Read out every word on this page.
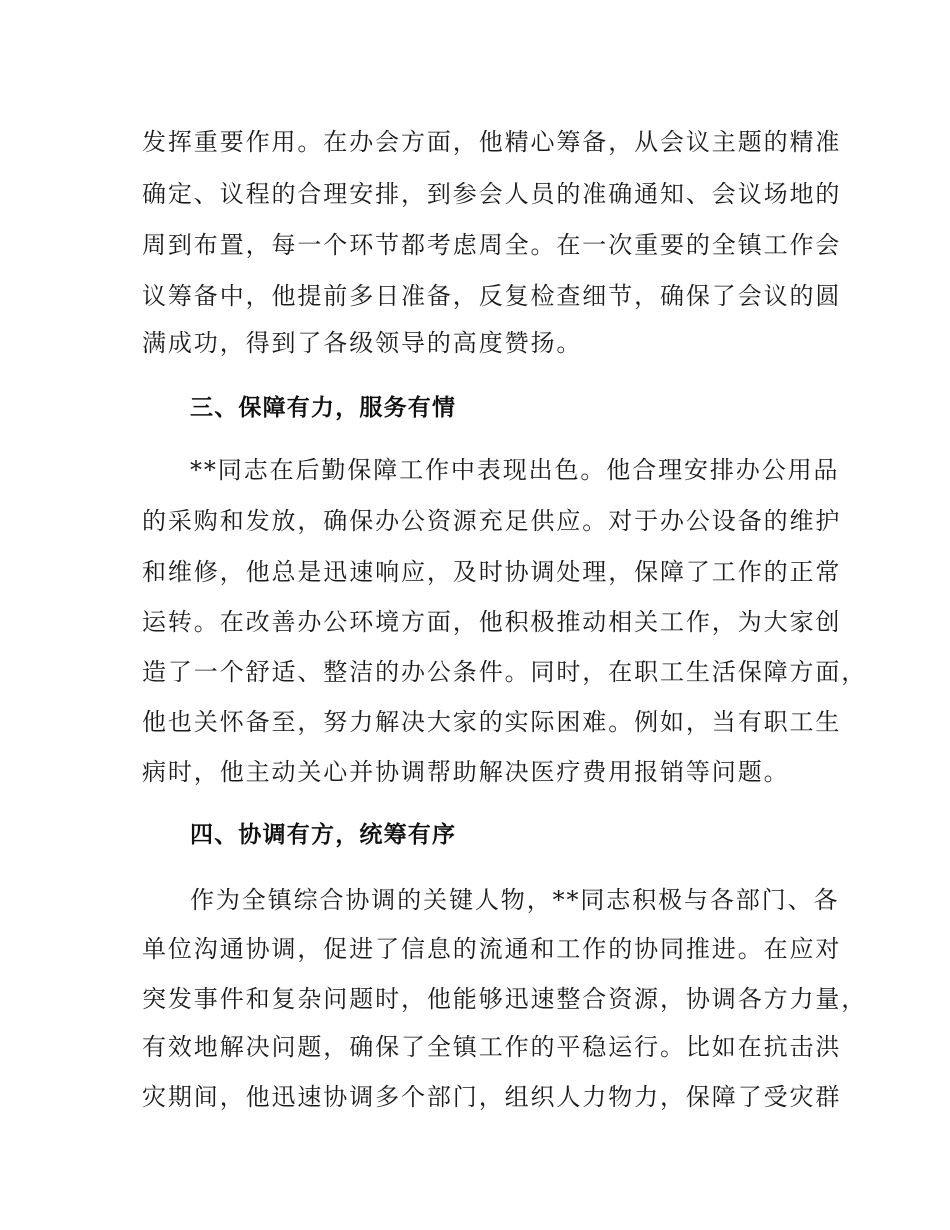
发挥重要作用。在办会方面，他精心筹备，从会议主题的精准
确定、议程的合理安排，到参会人员的准确通知、会议场地的
周到布置，每一个环节都考虑周全。在一次重要的全镇工作会
议筹备中，他提前多日准备，反复检查细节，确保了会议的圆
满成功，得到了各级领导的高度赞扬。
三、保障有力，服务有情
**同志在后勤保障工作中表现出色。他合理安排办公用品
的采购和发放，确保办公资源充足供应。对于办公设备的维护
和维修，他总是迅速响应，及时协调处理，保障了工作的正常
运转。在改善办公环境方面，他积极推动相关工作，为大家创
造了一个舒适、整洁的办公条件。同时，在职工生活保障方面，
他也关怀备至，努力解决大家的实际困难。例如，当有职工生
病时，他主动关心并协调帮助解决医疗费用报销等问题。
四、协调有方，统筹有序
作为全镇综合协调的关键人物，**同志积极与各部门、各
单位沟通协调，促进了信息的流通和工作的协同推进。在应对
突发事件和复杂问题时，他能够迅速整合资源，协调各方力量，
有效地解决问题，确保了全镇工作的平稳运行。比如在抗击洪
灾期间，他迅速协调多个部门，组织人力物力，保障了受灾群
